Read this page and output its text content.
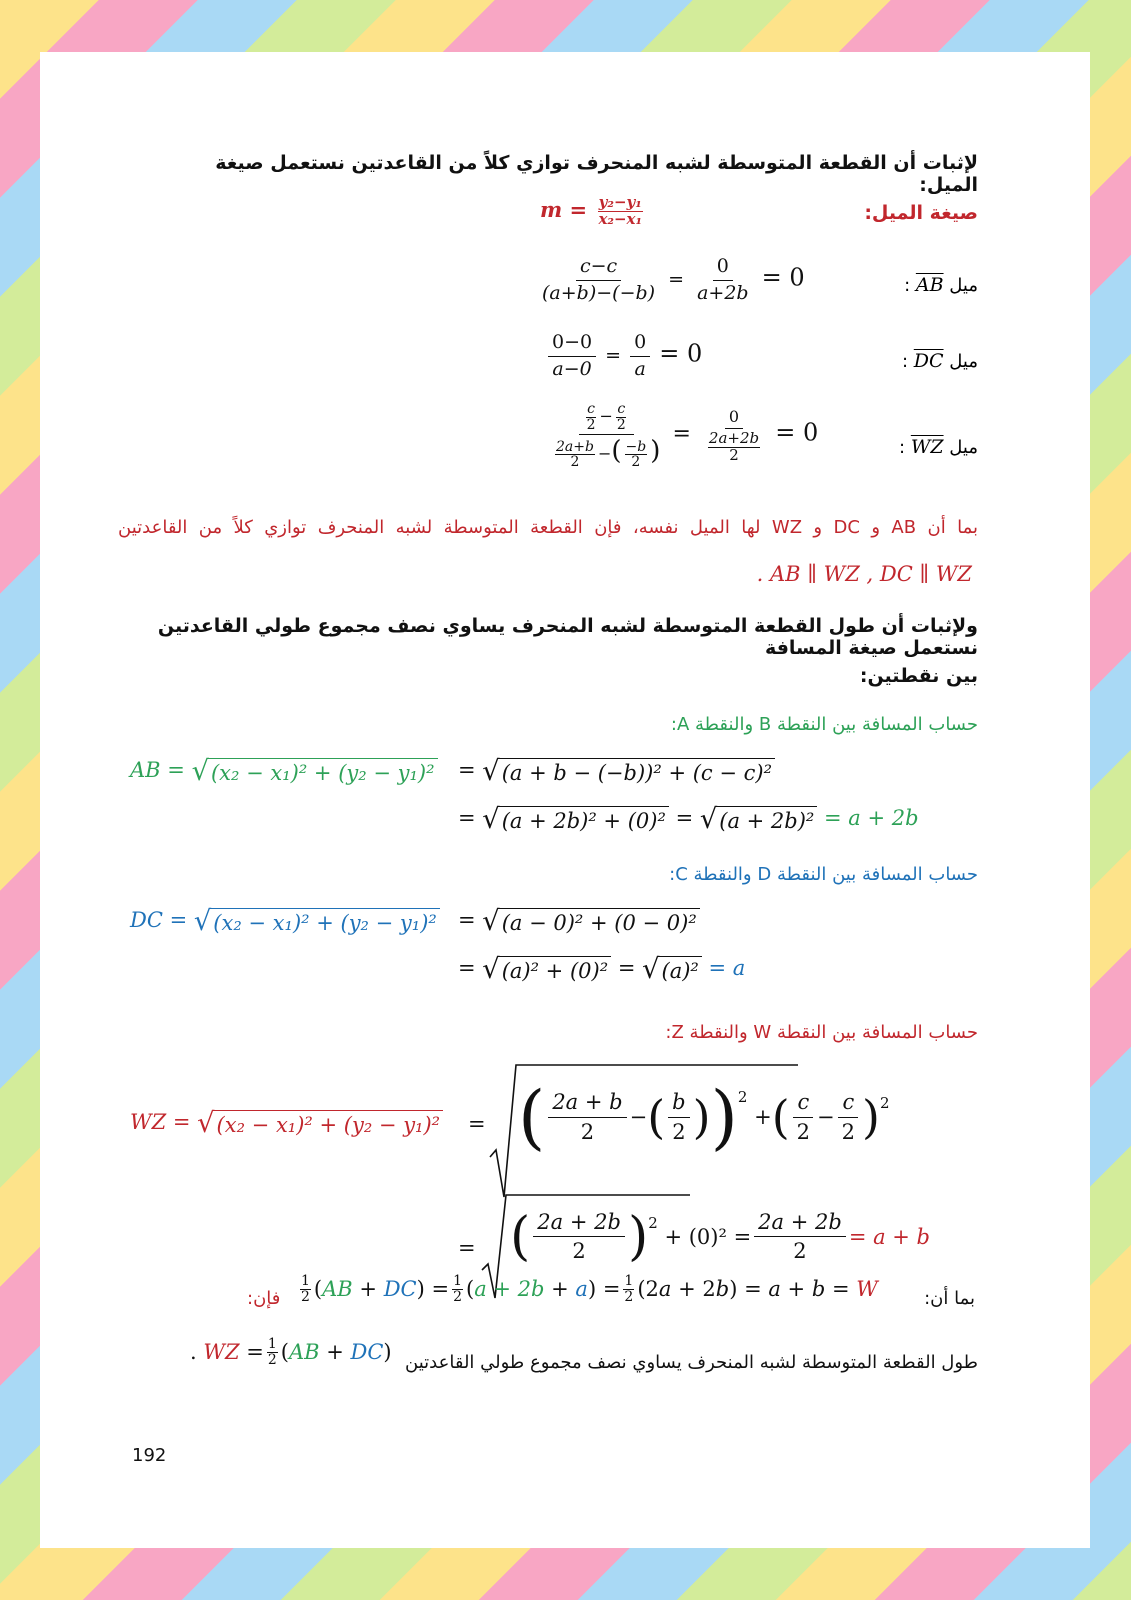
لإثبات أن القطعة المتوسطة لشبه المنحرف توازي كلاً من القاعدتين نستعمل صيغة الميل:
صيغة الميل:
$m = \frac{\text{y₂−y₁}}{\text{x₂−x₁}}$
ميل AB :
$\frac{c-c}{(a+b)-(-b)} = \frac{0}{a+2b} = 0$
ميل DC :
$\frac{0-0}{a-0} = \frac{0}{a} = 0$
ميل WZ :
$\frac{\frac{c}{2} - \frac{c}{2}}{\frac{2a+b}{2} -( \frac{-b}{2} )} = \frac{0}{\frac{2a+2b}{2}} = 0$
بما أن AB و DC و WZ لها الميل نفسه، فإن القطعة المتوسطة لشبه المنحرف توازي كلاً من القاعدتين
. AB ∥ WZ , DC ∥ WZ
ولإثبات أن طول القطعة المتوسطة لشبه المنحرف يساوي نصف مجموع طولي القاعدتين نستعمل صيغة المسافة
بين نقطتين:
حساب المسافة بين النقطة B والنقطة A:
AB = √ (x₂ − x₁)² + (y₂ − y₁)² = √ (a + b − (−b))² + (c − c)²
= √ (a + 2b)² + (0)² = √ (a + 2b)² = a + 2b
حساب المسافة بين النقطة D والنقطة C:
DC = √ (x₂ − x₁)² + (y₂ − y₁)² = √ (a − 0)² + (0 − 0)²
= √ (a)² + (0)² = √ (a)² = a
حساب المسافة بين النقطة W والنقطة Z:
WZ = √ (x₂ − x₁)² + (y₂ − y₁)² = ( $\frac{2a + b}{2}$ − ( $\frac{b}{2}$ ) ) 2
+ ( $\frac{c}{2} - \frac{c}{2}$ ) 2
= ( $\frac{2a + 2b}{2}$ ) 2
+ $(0)^2 = \frac{2a + 2b}{2} = a + b$
بما أن:
فإن: $\frac{1}{2} (AB + DC) = \frac{1}{2} (a + 2b + a) = \frac{1}{2} (2a + 2b) = a + b = W$
طول القطعة المتوسطة لشبه المنحرف يساوي نصف مجموع طولي القاعدتين
. WZ = $\frac{1}{2} (AB + DC)$
192
